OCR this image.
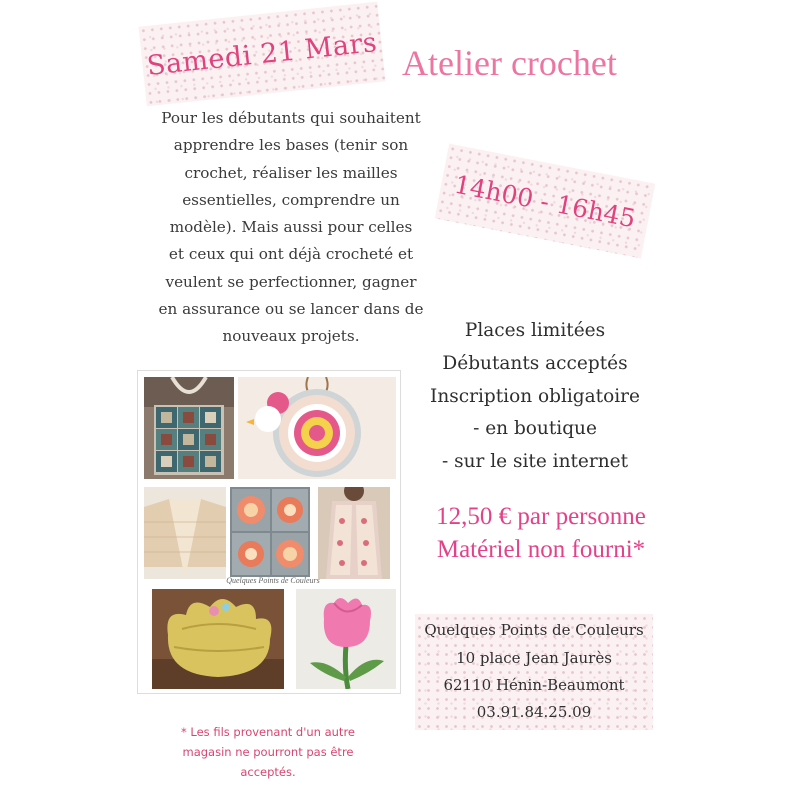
Samedi 21 Mars Atelier crochet
Pour les débutants qui souhaitent
apprendre les bases (tenir son
crochet, réaliser les mailles
essentielles, comprendre un
modèle). Mais aussi pour celles
et ceux qui ont déjà crocheté et
veulent se perfectionner, gagner
en assurance ou se lancer dans de
nouveaux projets.
14h00 - 16h45
Places limitées
Débutants acceptés
Inscription obligatoire
- en boutique
- sur le site internet
12,50 € par personne
Matériel non fourni*
Quelques Points de Couleurs
10 place Jean Jaurès
62110 Hénin-Beaumont
03.91.84.25.09
* Les fils provenant d'un autre
magasin ne pourront pas être
acceptés.
Quelques Points de Couleurs
